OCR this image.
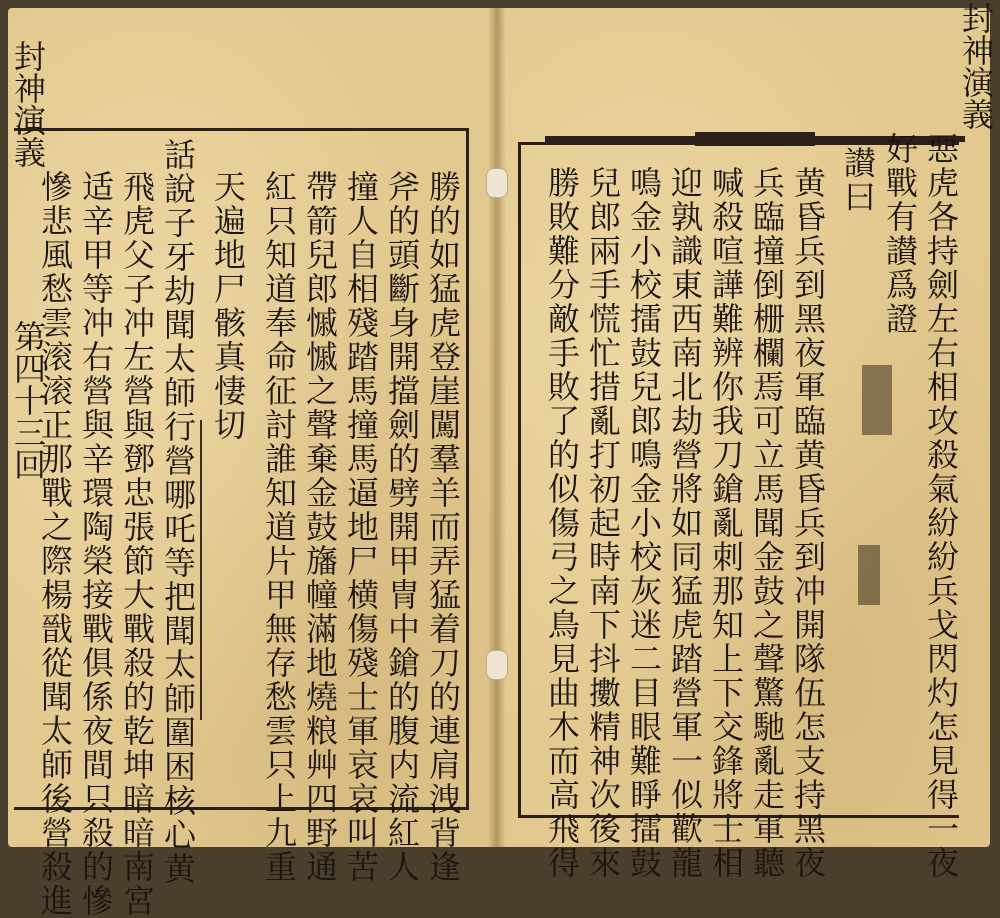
封神演義
第四十三回	勝的如猛虎登崖闖羣羊而弄猛着刀的連肩洩背逢
斧的頭斷身開擋劍的劈開甲冑中鎗的腹内流紅人
撞人自相殘踏馬撞馬逼地尸横傷殘士軍哀哀叫苦
帶箭兒郎慽慽之聲棄金鼓旛幢滿地燒粮艸四野通
紅只知道奉命征討誰知道片甲無存愁雲只上九重
天遍地尸骸真悽切
話說子牙劫聞太師行營哪吒等把聞太師圍困核心黄
飛虎父子冲左營與鄧忠張節大戰殺的乾坤暗暗南宮
适辛甲等冲右營與辛環陶榮接戰俱係夜間只殺的慘
慘悲風愁雲滚滚正那戰之際楊戩從聞太師後營殺進
封神演義
惡虎各持劍左右相攻殺氣紛紛兵戈閃灼怎見得一夜
好戰有讃爲證
讃曰
黄昏兵到黑夜軍臨黄昏兵到冲開隊伍怎支持黑夜
兵臨撞倒栅欄焉可立馬聞金鼓之聲驚馳亂走軍聽
喊殺喧譁難辨你我刀鎗亂刺那知上下交鋒將士相
迎孰識東西南北劫營將如同猛虎踏營軍一似歡龍
鳴金小校擂鼓兒郎鳴金小校灰迷二目眼難睜擂鼓
兒郎兩手慌忙措亂打初起時南下抖擻精神次後來
勝敗難分敵手敗了的似傷弓之鳥見曲木而高飛得
